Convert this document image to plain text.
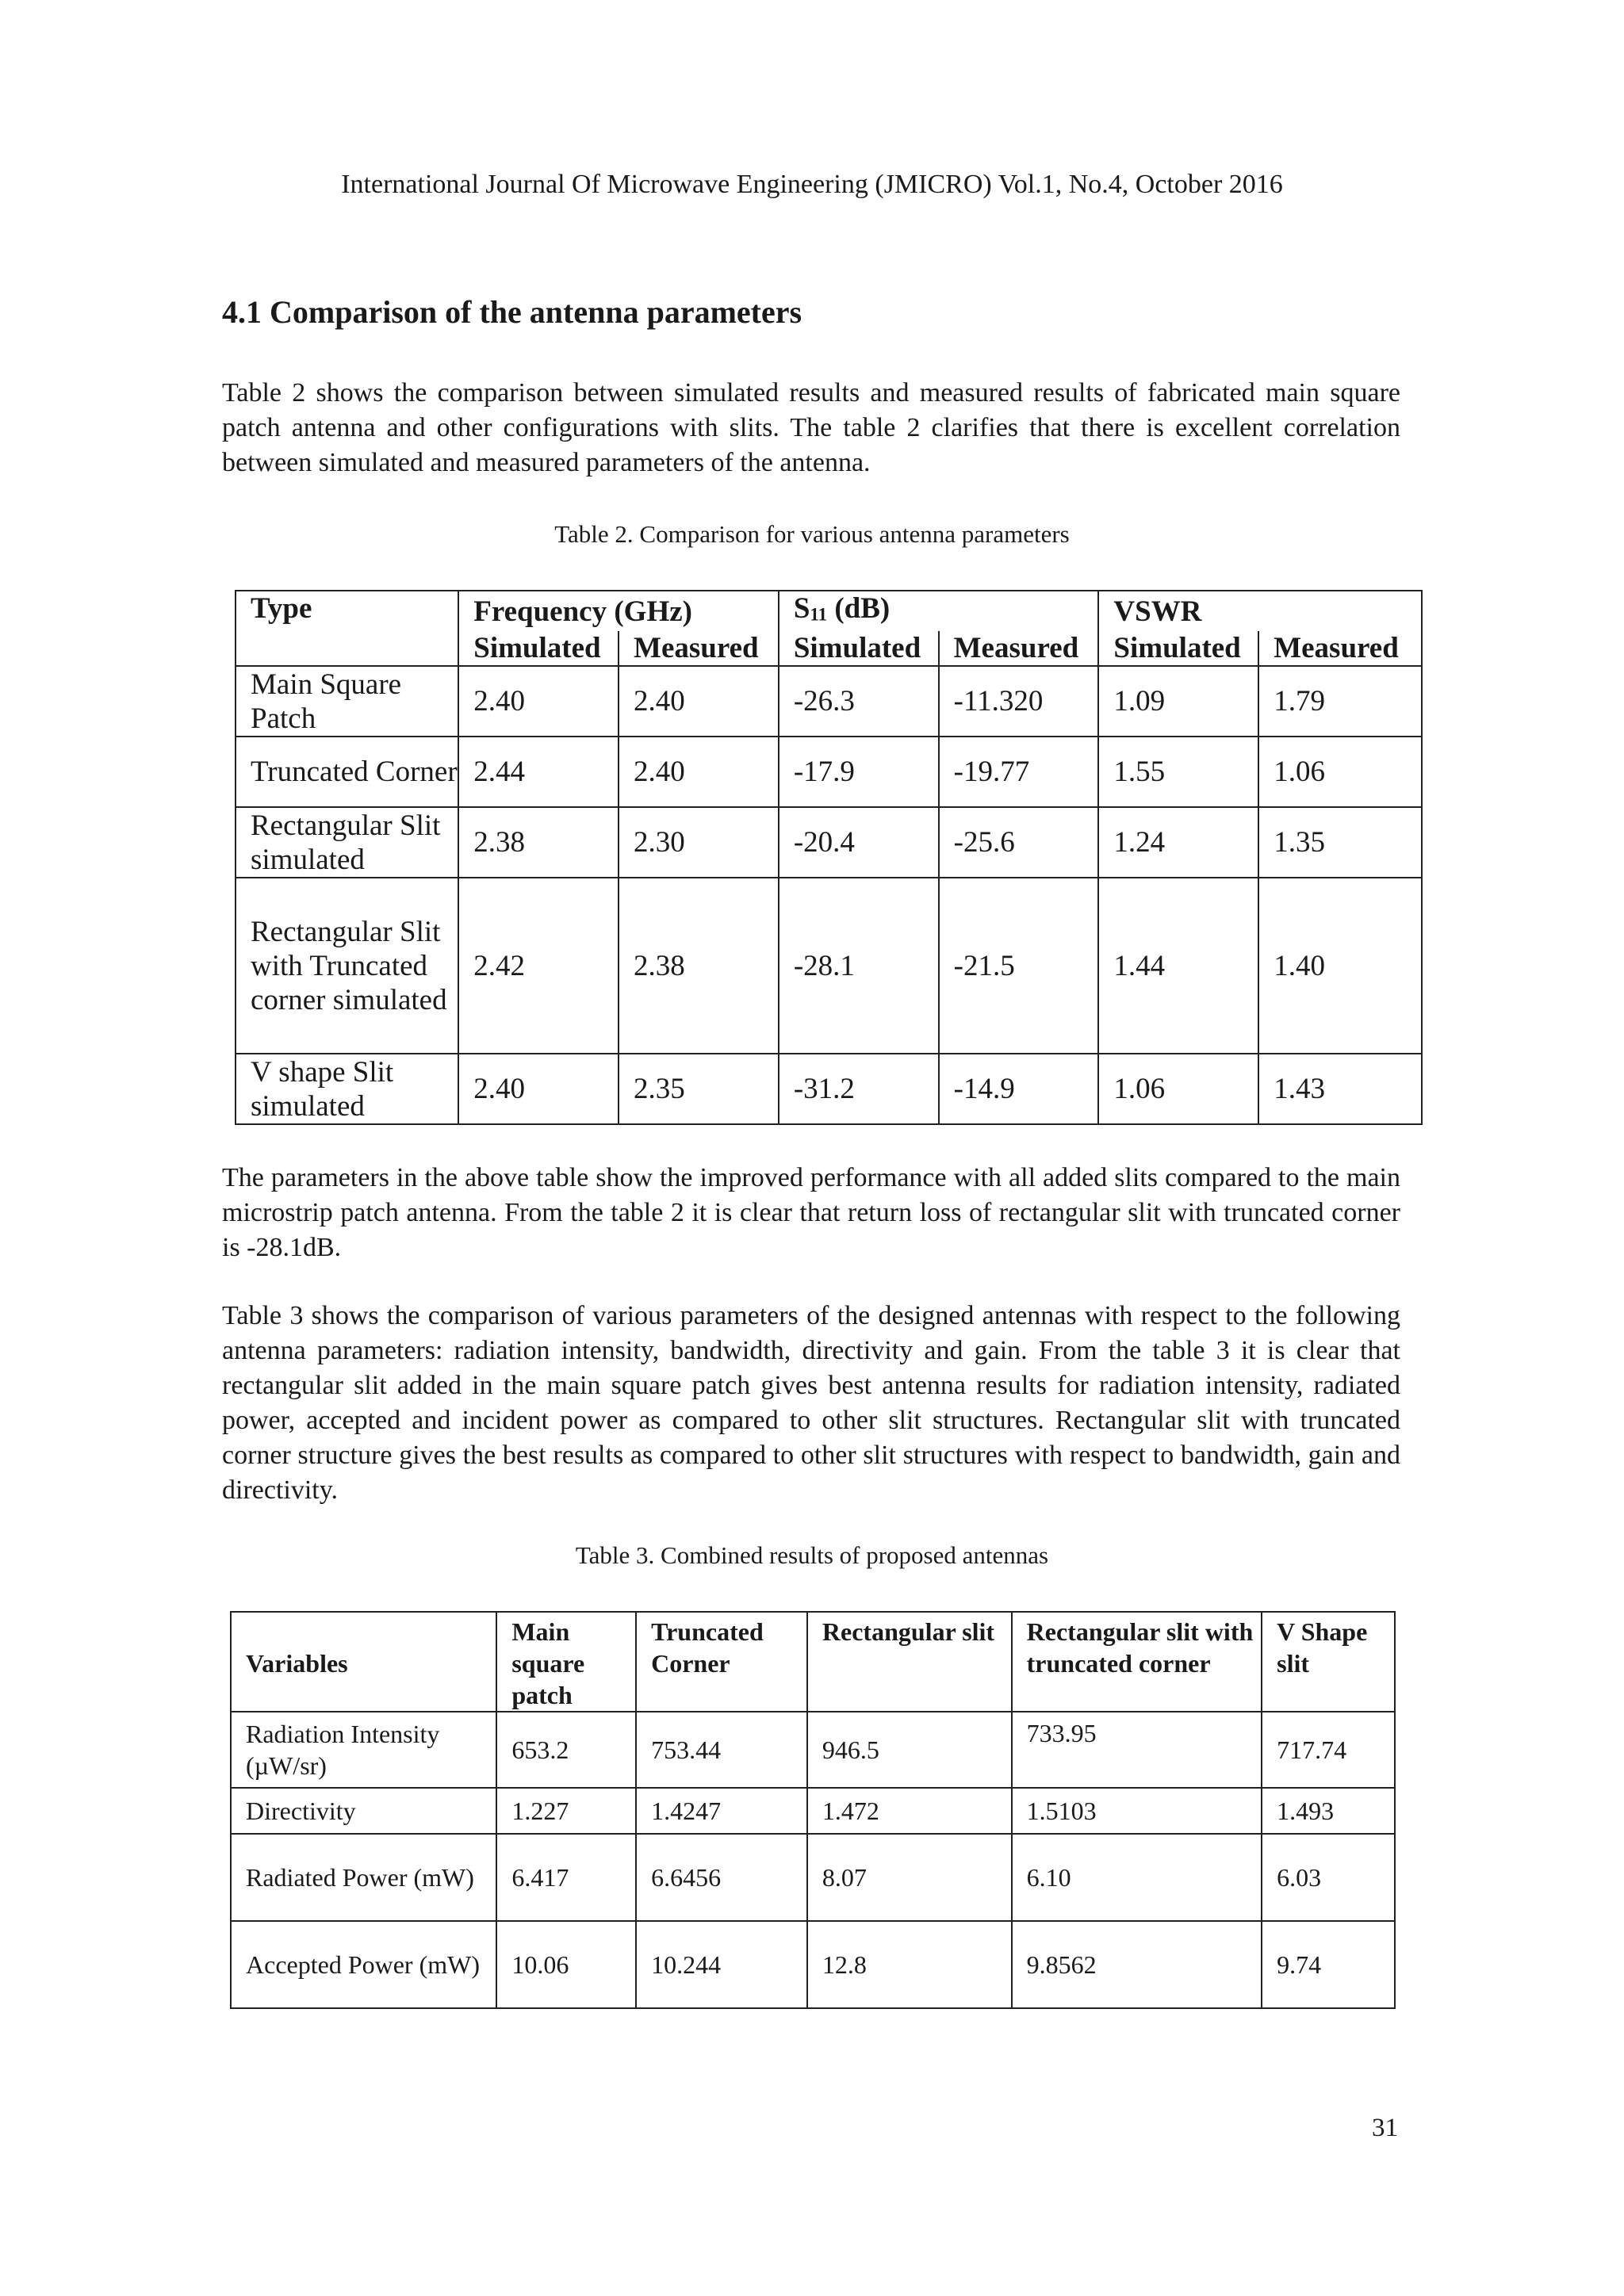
International Journal Of Microwave Engineering (JMICRO) Vol.1, No.4, October 2016
4.1 Comparison of the antenna parameters
Table 2 shows the comparison between simulated results and measured results of fabricated main square patch antenna and other configurations with slits. The table 2 clarifies that there is excellent correlation between simulated and measured parameters of the antenna.
Table 2. Comparison for various antenna parameters
Type	Frequency (GHz)		$S_{11}$ (dB)		VSWR	
	Simulated	Measured	Simulated	Measured	Simulated	Measured
Main Square Patch	2.40	2.40	-26.3	-11.320	1.09	1.79
Truncated Corner	2.44	2.40	-17.9	-19.77	1.55	1.06
Rectangular Slit simulated	2.38	2.30	-20.4	-25.6	1.24	1.35
Rectangular Slit with Truncated corner simulated	2.42	2.38	-28.1	-21.5	1.44	1.40
V shape Slit simulated	2.40	2.35	-31.2	-14.9	1.06	1.43
The parameters in the above table show the improved performance with all added slits compared to the main microstrip patch antenna. From the table 2 it is clear that return loss of rectangular slit with truncated corner is -28.1dB.
Table 3 shows the comparison of various parameters of the designed antennas with respect to the following antenna parameters: radiation intensity, bandwidth, directivity and gain. From the table 3 it is clear that rectangular slit added in the main square patch gives best antenna results for radiation intensity, radiated power, accepted and incident power as compared to other slit structures. Rectangular slit with truncated corner structure gives the best results as compared to other slit structures with respect to bandwidth, gain and directivity.
Table 3. Combined results of proposed antennas
Variables	Main square patch	Truncated Corner	Rectangular slit	Rectangular slit with truncated corner	V Shape slit
Radiation Intensity (µW/sr)	653.2	753.44	946.5	733.95	717.74
Directivity	1.227	1.4247	1.472	1.5103	1.493
Radiated Power (mW)	6.417	6.6456	8.07	6.10	6.03
Accepted Power (mW)	10.06	10.244	12.8	9.8562	9.74
31
